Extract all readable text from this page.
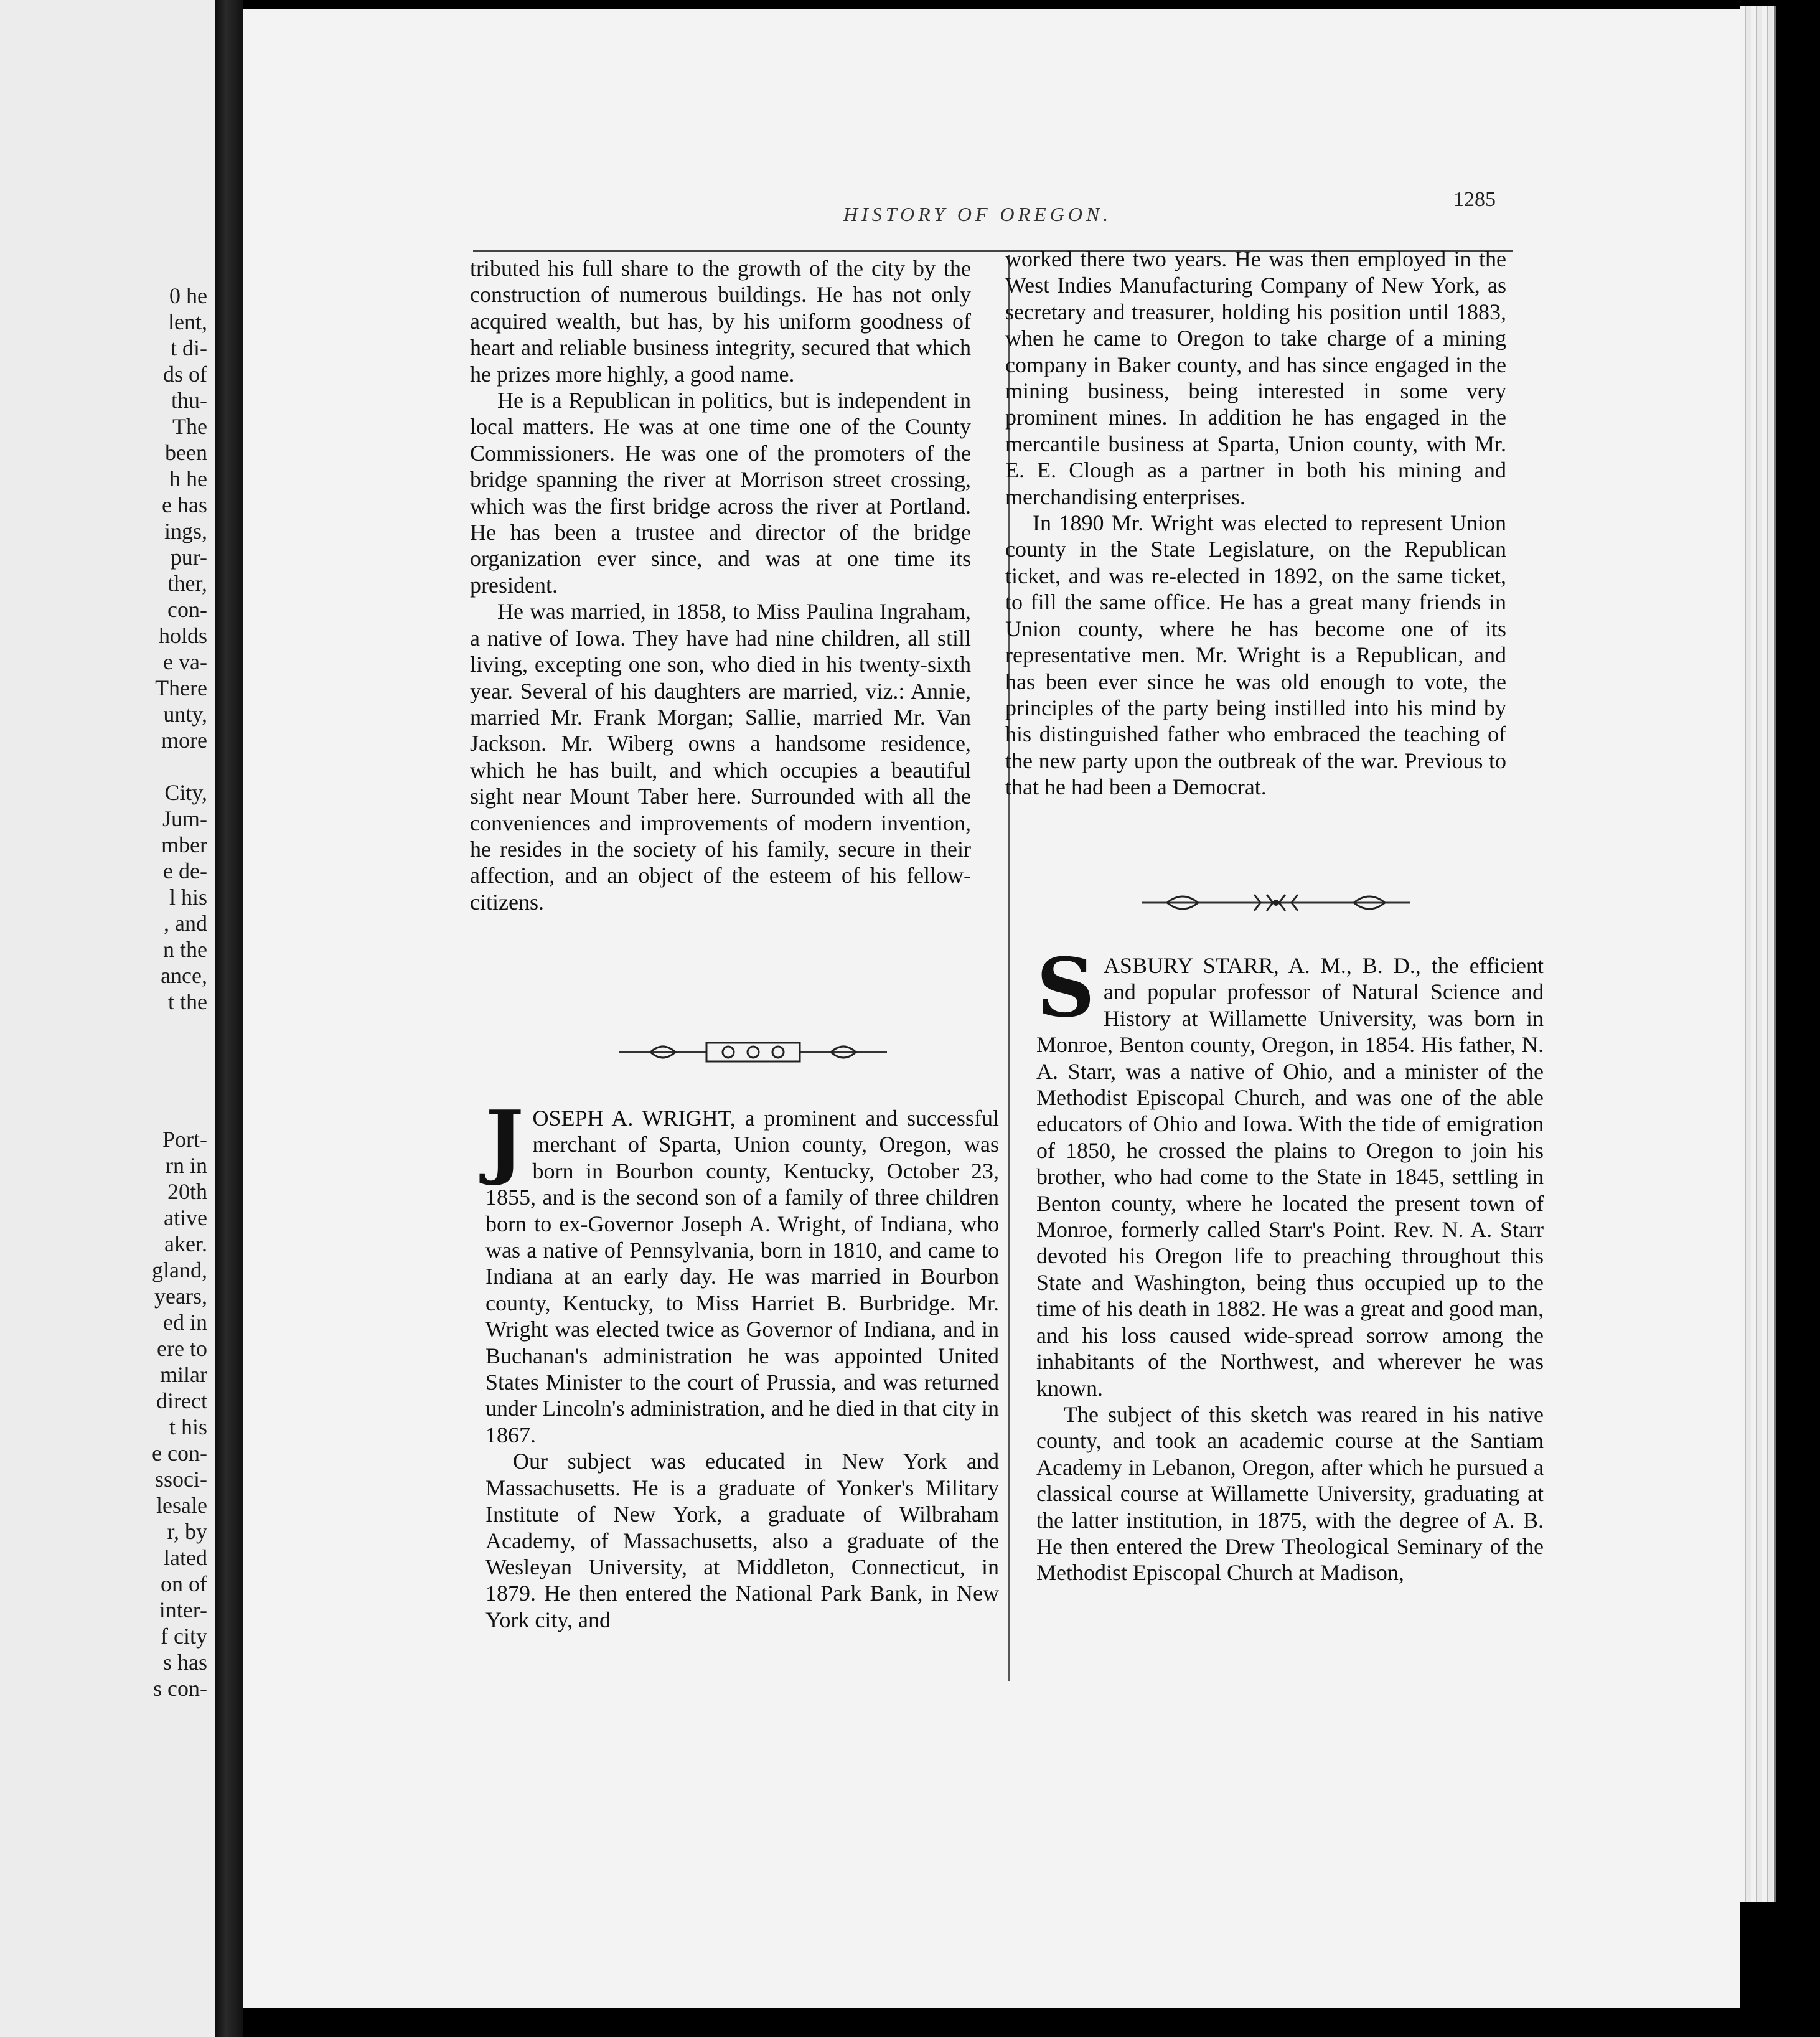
0 he
lent,
t di-
ds of
thu-
The
been
h he
e has
ings,
pur-
ther,
con-
holds
e va-
There
unty,
more
City,
Jum-
mber
e de-
l his
, and
n the
ance,
t the
Port-
rn in
20th
ative
aker.
gland,
years,
ed in
ere to
milar
direct
t his
e con-
ssoci-
lesale
r, by
lated
on of
inter-
f city
s has
s con-
HISTORY OF OREGON.
1285

tributed his full share to the growth of the city by the construction of numerous buildings. He has not only acquired wealth, but has, by his uniform goodness of heart and reliable business integrity, secured that which he prizes more highly, a good name.

He is a Republican in politics, but is independent in local matters. He was at one time one of the County Commissioners. He was one of the promoters of the bridge spanning the river at Morrison street crossing, which was the first bridge across the river at Portland. He has been a trustee and director of the bridge organization ever since, and was at one time its president.

He was married, in 1858, to Miss Paulina Ingraham, a native of Iowa. They have had nine children, all still living, excepting one son, who died in his twenty-sixth year. Several of his daughters are married, viz.: Annie, married Mr. Frank Morgan; Sallie, married Mr. Van Jackson. Mr. Wiberg owns a handsome residence, which he has built, and which occupies a beautiful sight near Mount Taber here. Surrounded with all the conveniences and improvements of modern invention, he resides in the society of his family, secure in their affection, and an object of the esteem of his fellow-citizens.

J OSEPH A. WRIGHT, a prominent and successful merchant of Sparta, Union county, Oregon, was born in Bourbon county, Kentucky, October 23, 1855, and is the second son of a family of three children born to ex-Governor Joseph A. Wright, of Indiana, who was a native of Pennsylvania, born in 1810, and came to Indiana at an early day. He was married in Bourbon county, Kentucky, to Miss Harriet B. Burbridge. Mr. Wright was elected twice as Governor of Indiana, and in Buchanan's administration he was appointed United States Minister to the court of Prussia, and was returned under Lincoln's administration, and he died in that city in 1867.

Our subject was educated in New York and Massachusetts. He is a graduate of Yonker's Military Institute of New York, a graduate of Wilbraham Academy, of Massachusetts, also a graduate of the Wesleyan University, at Middleton, Connecticut, in 1879. He then entered the National Park Bank, in New York city, and

worked there two years. He was then employed in the West Indies Manufacturing Company of New York, as secretary and treasurer, holding his position until 1883, when he came to Oregon to take charge of a mining company in Baker county, and has since engaged in the mining business, being interested in some very prominent mines. In addition he has engaged in the mercantile business at Sparta, Union county, with Mr. E. E. Clough as a partner in both his mining and merchandising enterprises.

In 1890 Mr. Wright was elected to represent Union county in the State Legislature, on the Republican ticket, and was re-elected in 1892, on the same ticket, to fill the same office. He has a great many friends in Union county, where he has become one of its representative men. Mr. Wright is a Republican, and has been ever since he was old enough to vote, the principles of the party being instilled into his mind by his distinguished father who embraced the teaching of the new party upon the outbreak of the war. Previous to that he had been a Democrat.

S ASBURY STARR, A. M., B. D., the efficient and popular professor of Natural Science and History at Willamette University, was born in Monroe, Benton county, Oregon, in 1854. His father, N. A. Starr, was a native of Ohio, and a minister of the Methodist Episcopal Church, and was one of the able educators of Ohio and Iowa. With the tide of emigration of 1850, he crossed the plains to Oregon to join his brother, who had come to the State in 1845, settling in Benton county, where he located the present town of Monroe, formerly called Starr's Point. Rev. N. A. Starr devoted his Oregon life to preaching throughout this State and Washington, being thus occupied up to the time of his death in 1882. He was a great and good man, and his loss caused wide-spread sorrow among the inhabitants of the Northwest, and wherever he was known.

The subject of this sketch was reared in his native county, and took an academic course at the Santiam Academy in Lebanon, Oregon, after which he pursued a classical course at Willamette University, graduating at the latter institution, in 1875, with the degree of A. B. He then entered the Drew Theological Seminary of the Methodist Episcopal Church at Madison,
